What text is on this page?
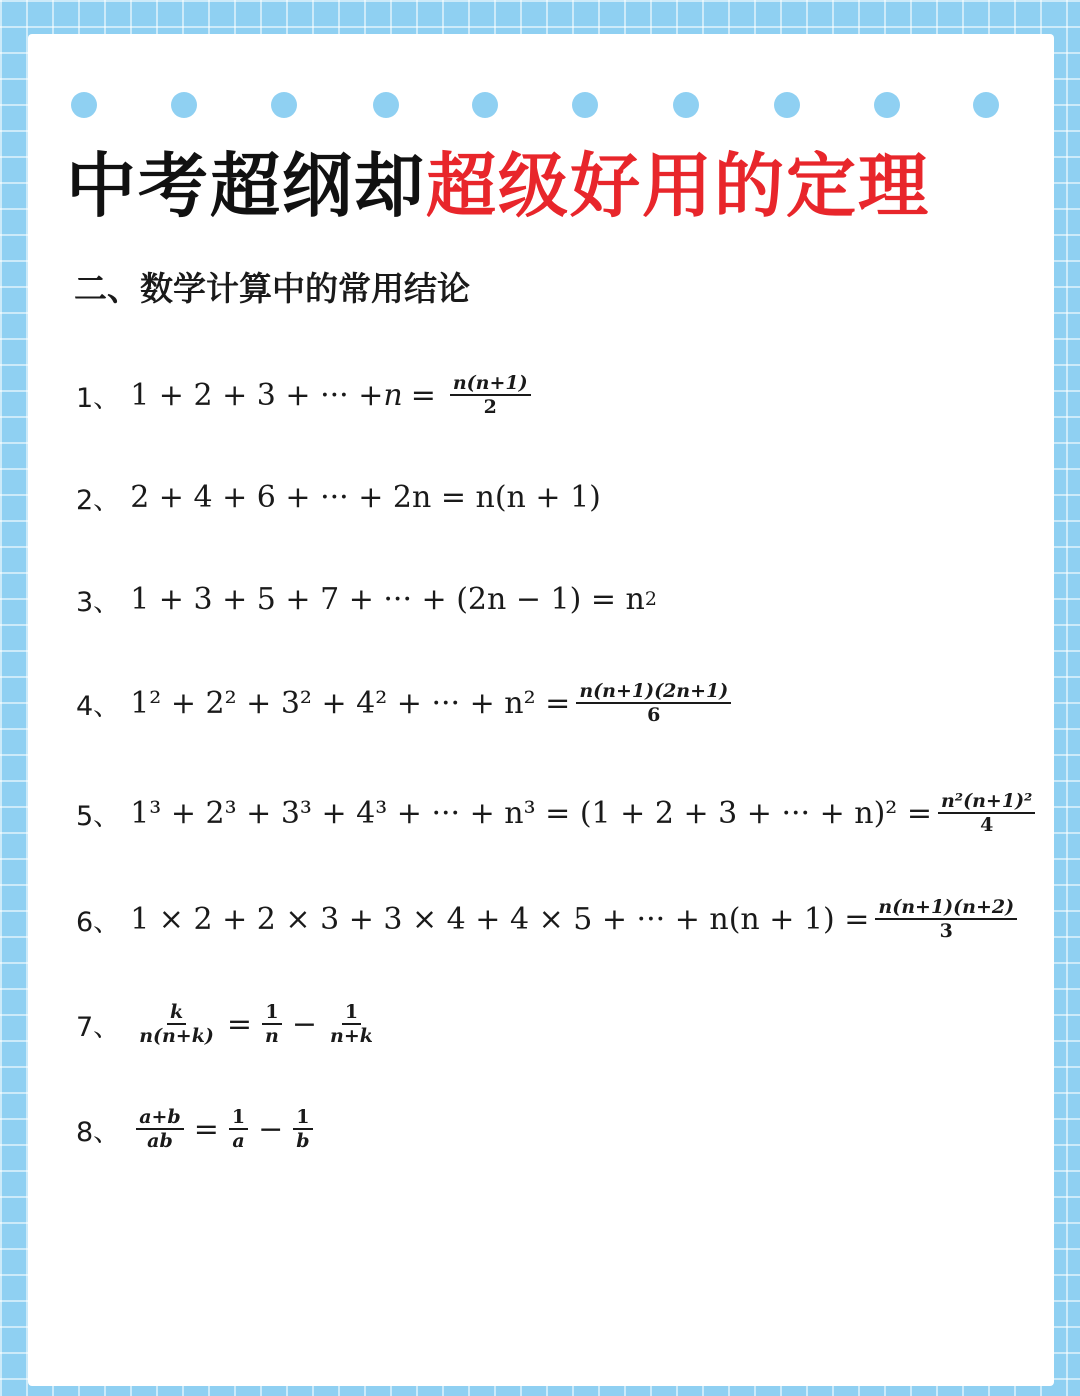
中考超纲却超级好用的定理
二、数学计算中的常用结论
1、 1 + 2 + 3 + ··· + $n = \frac{n(n+1)}{2}$
2、 2 + 4 + 6 + ··· + 2n = n(n + 1)
3、 1 + 3 + 5 + 7 + ··· + (2n − 1) = n 2
4、 1² + 2² + 3² + 4² + ··· + $n^2 = \frac{n(n+1)(2n+1)}{6}$
5、 1³ + 2³ + 3³ + 4³ + ··· + n³ = (1 + 2 + 3 + ··· + $n)^2 = \frac{\text{n²(n+1)²}}{4}$
6、 1 × 2 + 2 × 3 + 3 × 4 + 4 × 5 + ··· + $n(n + 1) = \frac{n(n+1)(n+2)}{3}$
7、 $\frac{k}{n(n+k)} = \frac{1}{n} - \frac{1}{n+k}$
8、 $\frac{a+b}{ab} = \frac{1}{a} - \frac{1}{b}$
